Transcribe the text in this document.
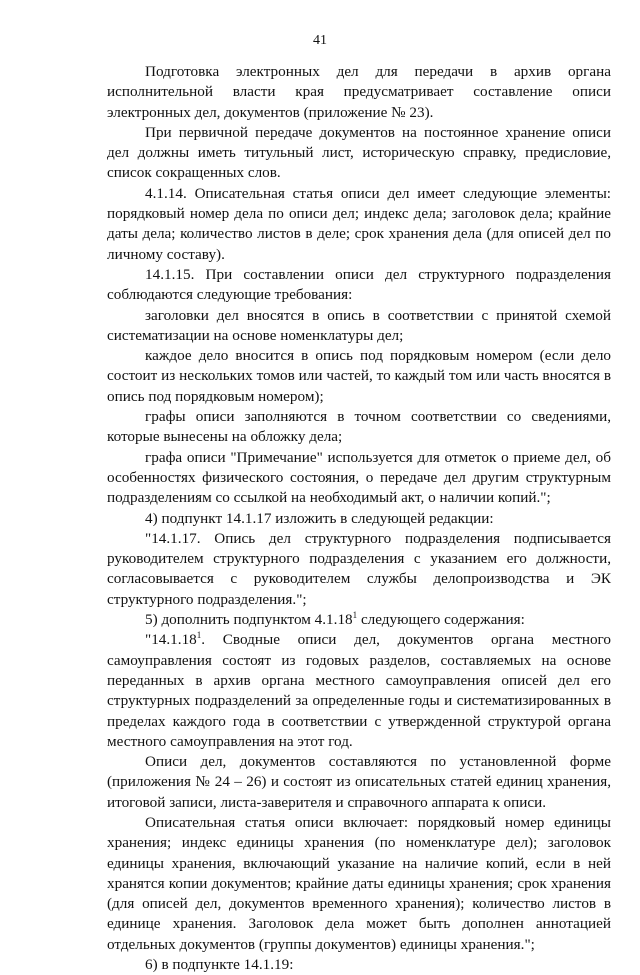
41

Подготовка электронных дел для передачи в архив органа исполнительной власти края предусматривает составление описи электронных дел, документов (приложение № 23).

При первичной передаче документов на постоянное хранение описи дел должны иметь титульный лист, историческую справку, предисловие, список сокращенных слов.

4.1.14. Описательная статья описи дел имеет следующие элементы: порядковый номер дела по описи дел; индекс дела; заголовок дела; крайние даты дела; количество листов в деле; срок хранения дела (для описей дел по личному составу).

14.1.15. При составлении описи дел структурного подразделения соблюдаются следующие требования:

заголовки дел вносятся в опись в соответствии с принятой схемой систематизации на основе номенклатуры дел;

каждое дело вносится в опись под порядковым номером (если дело состоит из нескольких томов или частей, то каждый том или часть вносятся в опись под порядковым номером);

графы описи заполняются в точном соответствии со сведениями, которые вынесены на обложку дела;

графа описи "Примечание" используется для отметок о приеме дел, об особенностях физического состояния, о передаче дел другим структурным подразделениям со ссылкой на необходимый акт, о наличии копий.";

4) подпункт 14.1.17 изложить в следующей редакции:

"14.1.17. Опись дел структурного подразделения подписывается руководителем структурного подразделения с указанием его должности, согласовывается с руководителем службы делопроизводства и ЭК структурного подразделения.";

5) дополнить подпунктом 4.1.18$^1$ следующего содержания:

"14.1.18$^1$. Сводные описи дел, документов органа местного самоуправления состоят из годовых разделов, составляемых на основе переданных в архив органа местного самоуправления описей дел его структурных подразделений за определенные годы и систематизированных в пределах каждого года в соответствии с утвержденной структурой органа местного самоуправления на этот год.

Описи дел, документов составляются по установленной форме (приложения № 24 – 26) и состоят из описательных статей единиц хранения, итоговой записи, листа-заверителя и справочного аппарата к описи.

Описательная статья описи включает: порядковый номер единицы хранения; индекс единицы хранения (по номенклатуре дел); заголовок единицы хранения, включающий указание на наличие копий, если в ней хранятся копии документов; крайние даты единицы хранения; срок хранения (для описей дел, документов временного хранения); количество листов в единице хранения. Заголовок дела может быть дополнен аннотацией отдельных документов (группы документов) единицы хранения.";

6) в подпункте 14.1.19:
